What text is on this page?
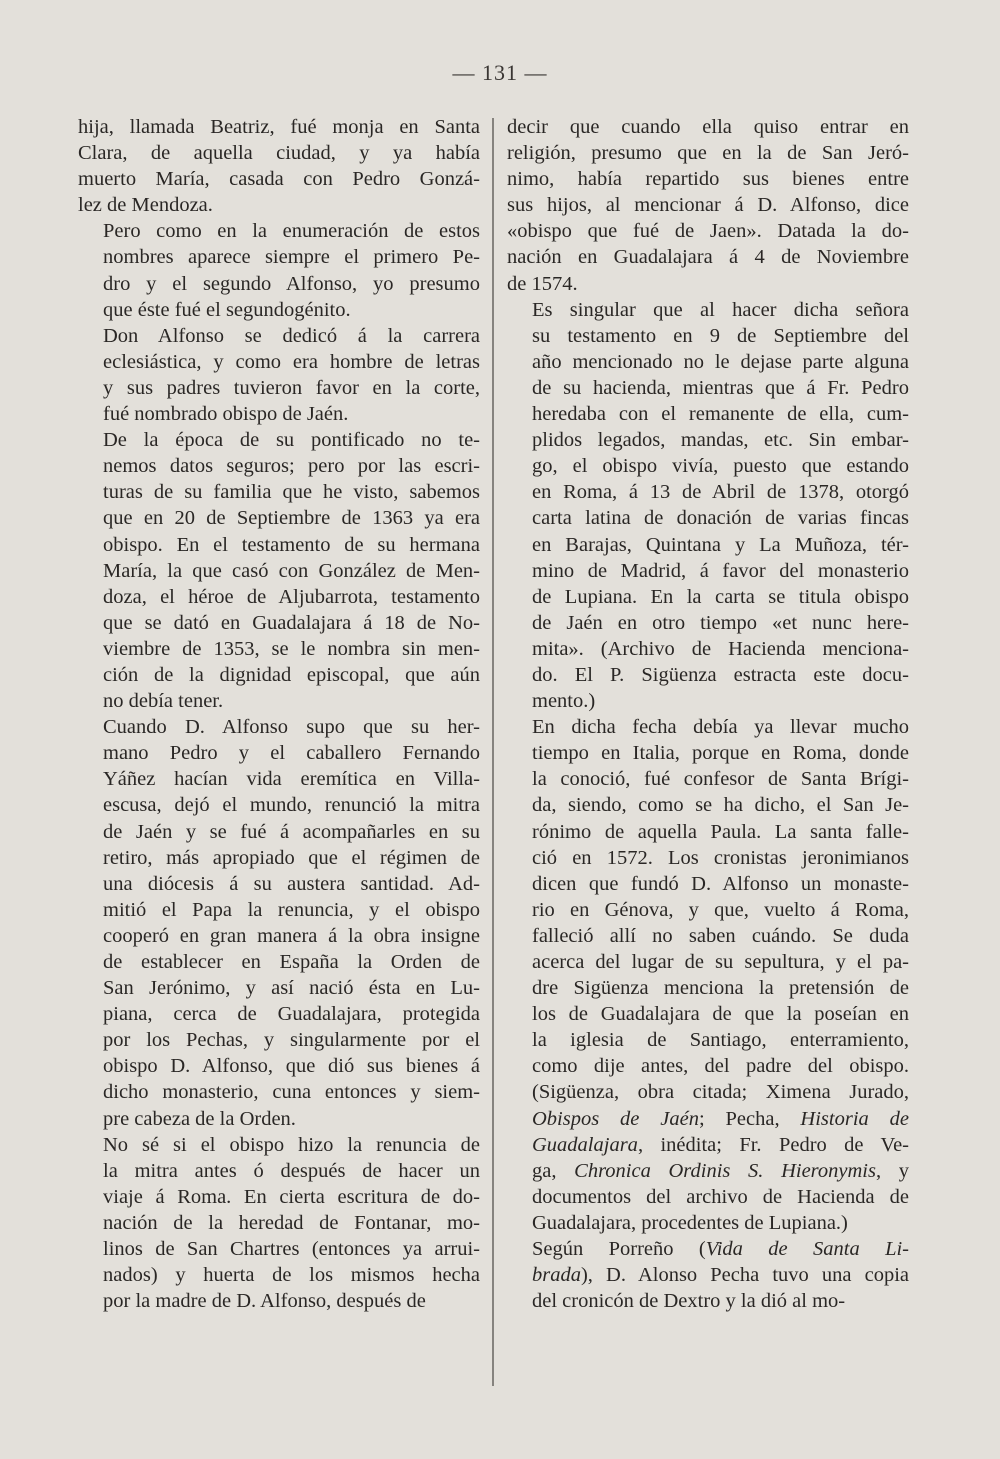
— 131 —

hija, llamada Beatriz, fué monja en Santa
Clara, de aquella ciudad, y ya había
muerto María, casada con Pedro Gonzá-
lez de Mendoza.

Pero como en la enumeración de estos
nombres aparece siempre el primero Pe-
dro y el segundo Alfonso, yo presumo
que éste fué el segundogénito.

Don Alfonso se dedicó á la carrera
eclesiástica, y como era hombre de letras
y sus padres tuvieron favor en la corte,
fué nombrado obispo de Jaén.

De la época de su pontificado no te-
nemos datos seguros; pero por las escri-
turas de su familia que he visto, sabemos
que en 20 de Septiembre de 1363 ya era
obispo. En el testamento de su hermana
María, la que casó con González de Men-
doza, el héroe de Aljubarrota, testamento
que se dató en Guadalajara á 18 de No-
viembre de 1353, se le nombra sin men-
ción de la dignidad episcopal, que aún
no debía tener.

Cuando D. Alfonso supo que su her-
mano Pedro y el caballero Fernando
Yáñez hacían vida eremítica en Villa-
escusa, dejó el mundo, renunció la mitra
de Jaén y se fué á acompañarles en su
retiro, más apropiado que el régimen de
una diócesis á su austera santidad. Ad-
mitió el Papa la renuncia, y el obispo
cooperó en gran manera á la obra insigne
de establecer en España la Orden de
San Jerónimo, y así nació ésta en Lu-
piana, cerca de Guadalajara, protegida
por los Pechas, y singularmente por el
obispo D. Alfonso, que dió sus bienes á
dicho monasterio, cuna entonces y siem-
pre cabeza de la Orden.

No sé si el obispo hizo la renuncia de
la mitra antes ó después de hacer un
viaje á Roma. En cierta escritura de do-
nación de la heredad de Fontanar, mo-
linos de San Chartres (entonces ya arrui-
nados) y huerta de los mismos hecha
por la madre de D. Alfonso, después de

decir que cuando ella quiso entrar en
religión, presumo que en la de San Jeró-
nimo, había repartido sus bienes entre
sus hijos, al mencionar á D. Alfonso, dice
«obispo que fué de Jaen». Datada la do-
nación en Guadalajara á 4 de Noviembre
de 1574.

Es singular que al hacer dicha señora
su testamento en 9 de Septiembre del
año mencionado no le dejase parte alguna
de su hacienda, mientras que á Fr. Pedro
heredaba con el remanente de ella, cum-
plidos legados, mandas, etc. Sin embar-
go, el obispo vivía, puesto que estando
en Roma, á 13 de Abril de 1378, otorgó
carta latina de donación de varias fincas
en Barajas, Quintana y La Muñoza, tér-
mino de Madrid, á favor del monasterio
de Lupiana. En la carta se titula obispo
de Jaén en otro tiempo «et nunc here-
mita». (Archivo de Hacienda menciona-
do. El P. Sigüenza estracta este docu-
mento.)

En dicha fecha debía ya llevar mucho
tiempo en Italia, porque en Roma, donde
la conoció, fué confesor de Santa Brígi-
da, siendo, como se ha dicho, el San Je-
rónimo de aquella Paula. La santa falle-
ció en 1572. Los cronistas jeronimianos
dicen que fundó D. Alfonso un monaste-
rio en Génova, y que, vuelto á Roma,
falleció allí no saben cuándo. Se duda
acerca del lugar de su sepultura, y el pa-
dre Sigüenza menciona la pretensión de
los de Guadalajara de que la poseían en
la iglesia de Santiago, enterramiento,
como dije antes, del padre del obispo.
(Sigüenza, obra citada; Ximena Jurado,
Obispos de Jaén; Pecha, Historia de
Guadalajara, inédita; Fr. Pedro de Ve-
ga, Chronica Ordinis S. Hieronymis, y
documentos del archivo de Hacienda de
Guadalajara, procedentes de Lupiana.)

Según Porreño (Vida de Santa Li-
brada), D. Alonso Pecha tuvo una copia
del cronicón de Dextro y la dió al mo-
